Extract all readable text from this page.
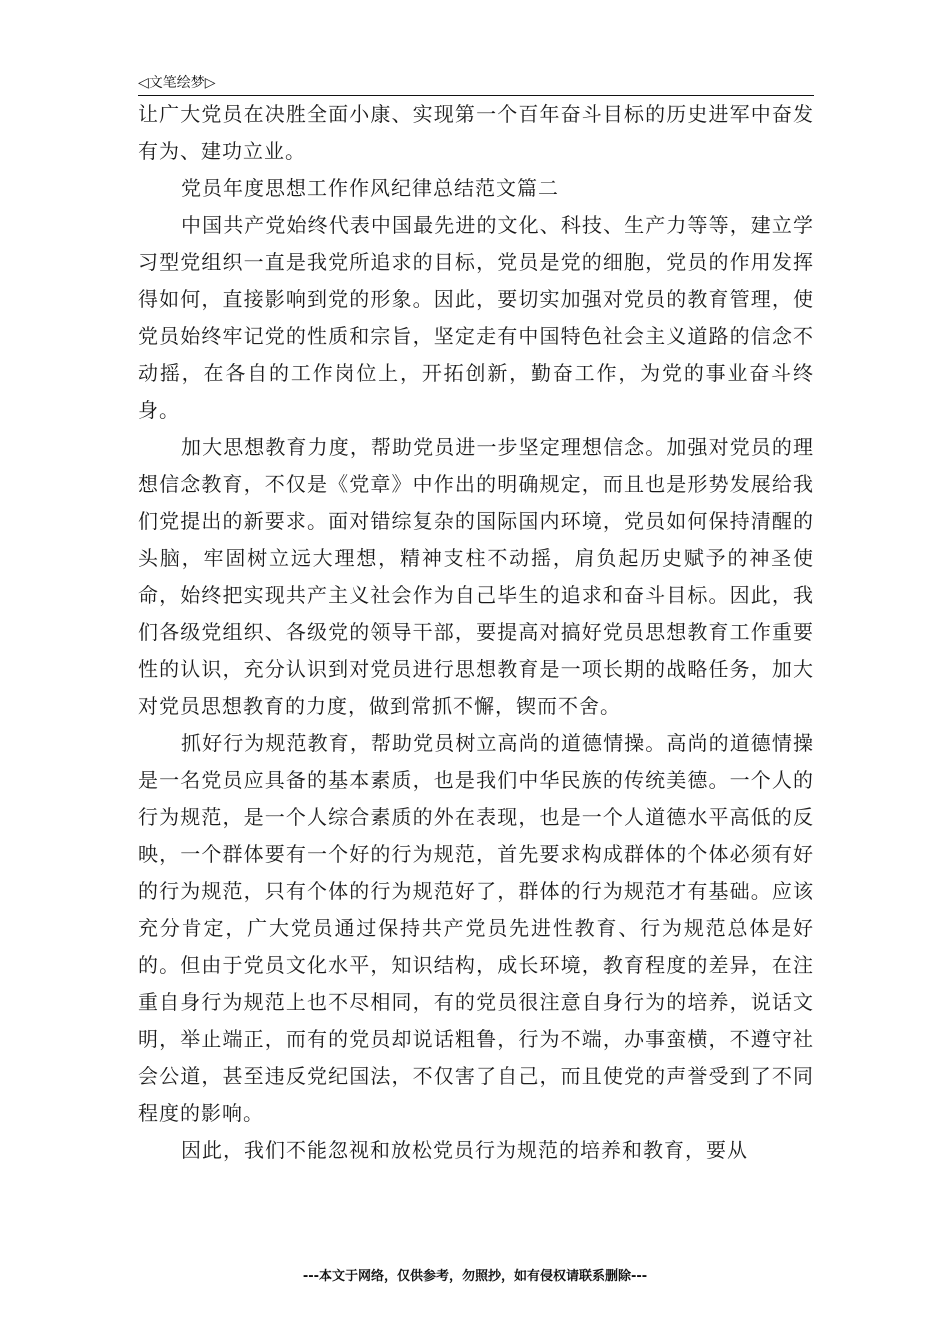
◁文笔绘梦▷

让广大党员在决胜全面小康、实现第一个百年奋斗目标的历史进军中奋发有为、建功立业。

党员年度思想工作作风纪律总结范文篇二

中国共产党始终代表中国最先进的文化、科技、生产力等等，建立学习型党组织一直是我党所追求的目标，党员是党的细胞，党员的作用发挥得如何，直接影响到党的形象。因此，要切实加强对党员的教育管理，使党员始终牢记党的性质和宗旨，坚定走有中国特色社会主义道路的信念不动摇，在各自的工作岗位上，开拓创新，勤奋工作，为党的事业奋斗终身。

加大思想教育力度，帮助党员进一步坚定理想信念。加强对党员的理想信念教育，不仅是《党章》中作出的明确规定，而且也是形势发展给我们党提出的新要求。面对错综复杂的国际国内环境，党员如何保持清醒的头脑，牢固树立远大理想，精神支柱不动摇，肩负起历史赋予的神圣使命，始终把实现共产主义社会作为自己毕生的追求和奋斗目标。因此，我们各级党组织、各级党的领导干部，要提高对搞好党员思想教育工作重要性的认识，充分认识到对党员进行思想教育是一项长期的战略任务，加大对党员思想教育的力度，做到常抓不懈，锲而不舍。

抓好行为规范教育，帮助党员树立高尚的道德情操。高尚的道德情操是一名党员应具备的基本素质，也是我们中华民族的传统美德。一个人的行为规范，是一个人综合素质的外在表现，也是一个人道德水平高低的反映，一个群体要有一个好的行为规范，首先要求构成群体的个体必须有好的行为规范，只有个体的行为规范好了，群体的行为规范才有基础。应该充分肯定，广大党员通过保持共产党员先进性教育、行为规范总体是好的。但由于党员文化水平，知识结构，成长环境，教育程度的差异，在注重自身行为规范上也不尽相同，有的党员很注意自身行为的培养，说话文明，举止端正，而有的党员却说话粗鲁，行为不端，办事蛮横，不遵守社会公道，甚至违反党纪国法，不仅害了自己，而且使党的声誉受到了不同程度的影响。

因此，我们不能忽视和放松党员行为规范的培养和教育，要从

---本文于网络，仅供参考，勿照抄，如有侵权请联系删除---
